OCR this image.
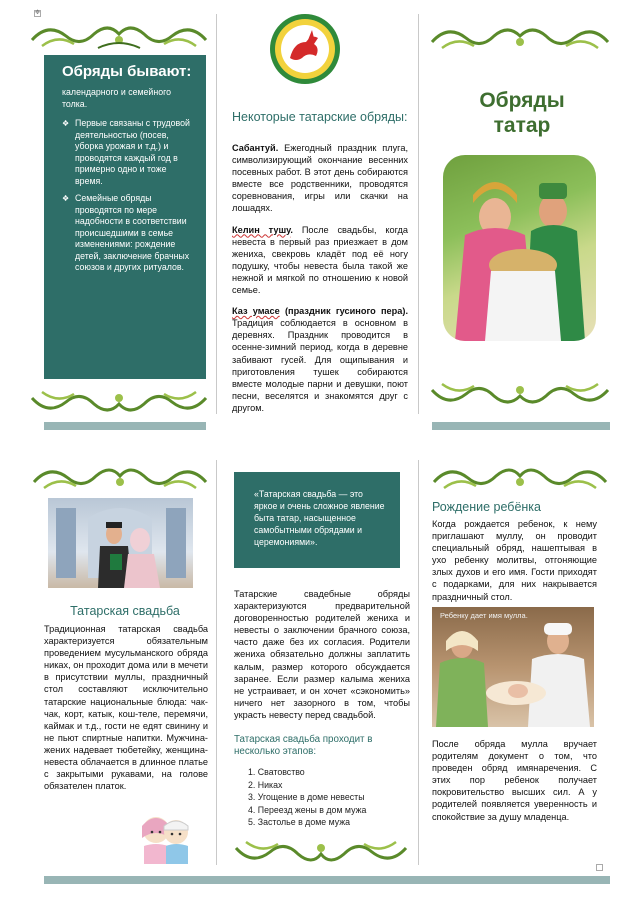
✥
Обряды бывают:
календарного и семейного толка.
❖ Первые связаны с трудовой деятельностью (посев, уборка урожая и т.д.) и проводятся каждый год в примерно одно и тоже время.
❖ Семейные обряды проводятся по мере надобности в соответствии происшедшими в семье изменениями: рождение детей, заключение брачных союзов и других ритуалов.
Некоторые татарские обряды:

Сабантуй. Ежегодный праздник плуга, символизирующий окончание весенних посевных работ. В этот день собираются вместе все родственники, проводятся соревнования, игры или скачки на лошадях.

Келин тушу. После свадьбы, когда невеста в первый раз приезжает в дом жениха, свекровь кладёт под её ногу подушку, чтобы невеста была такой же нежной и мягкой по отношению к новой семье.

Каз умасе (праздник гусиного пера). Традиция соблюдается в основном в деревнях. Праздник проводится в осенне-зимний период, когда в деревне забивают гусей. Для ощипывания и приготовления тушек собираются вместе молодые парни и девушки, поют песни, веселятся и знакомятся друг с другом.

Обряды татар
Татарская свадьба
Традиционная татарская свадьба характеризуется обязательным проведением мусульманского обряда никах, он проходит дома или в мечети в присутствии муллы, праздничный стол составляют исключительно татарские национальные блюда: чак-чак, корт, катык, кош-теле, перемячи, каймак и т.д., гости не едят свинину и не пьют спиртные напитки. Мужчина-жених надевает тюбетейку, женщина-невеста облачается в длинное платье с закрытыми рукавами, на голове обязателен платок.
«Татарская свадьба — это яркое и очень сложное явление быта татар, насыщенное самобытными обрядами и церемониями».
Татарские свадебные обряды характеризуются предварительной договоренностью родителей жениха и невесты о заключении брачного союза, часто даже без их согласия. Родители жениха обязательно должны заплатить калым, размер которого обсуждается заранее. Если размер калыма жениха не устраивает, и он хочет «сэкономить» ничего нет зазорного в том, чтобы украсть невесту перед свадьбой.
Татарская свадьба проходит в несколько этапов:
1. Сватовство
2. Никах
3. Угощение в доме невесты
4. Переезд жены в дом мужа
5. Застолье в доме мужа
Рождение ребёнка
Когда рождается ребенок, к нему приглашают муллу, он проводит специальный обряд, нашептывая в ухо ребенку молитвы, отгоняющие злых духов и его имя. Гости приходят с подарками, для них накрывается праздничный стол.
Ребенку дает имя мулла.
После обряда мулла вручает родителям документ о том, что проведен обряд имянаречения. С этих пор ребенок получает покровительство высших сил. А у родителей появляется уверенность и спокойствие за душу младенца.
